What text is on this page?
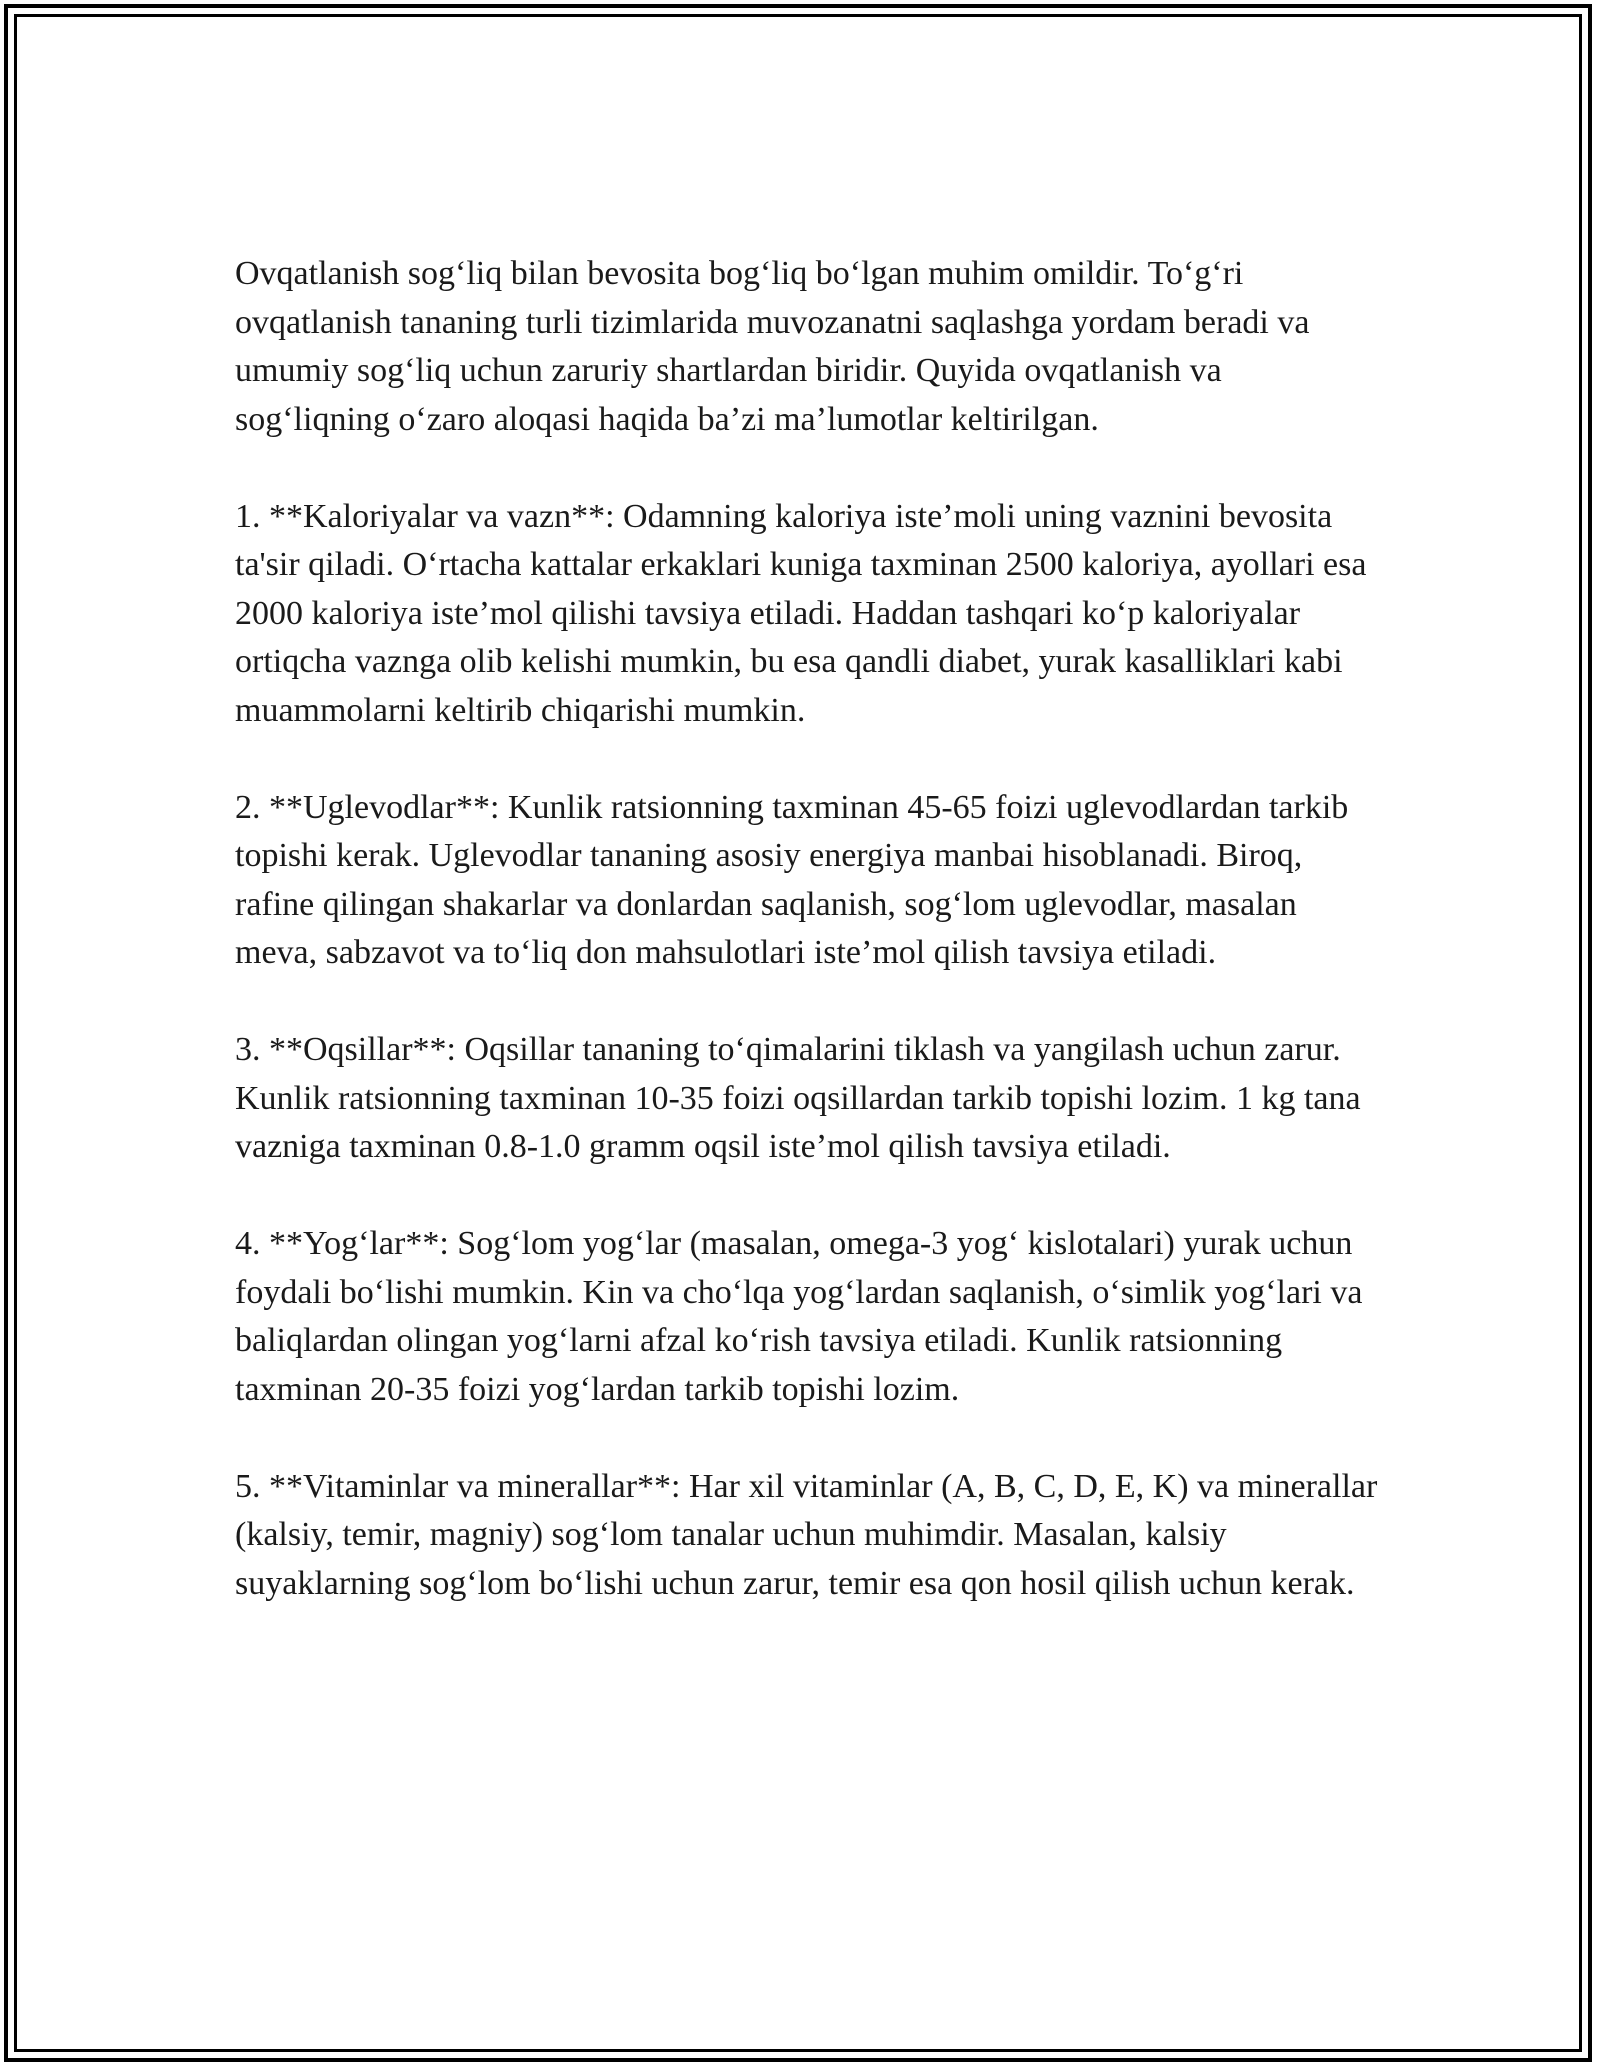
Ovqatlanish sog‘liq bilan bevosita bog‘liq bo‘lgan muhim omildir. To‘g‘ri ovqatlanish tananing turli tizimlarida muvozanatni saqlashga yordam beradi va umumiy sog‘liq uchun zaruriy shartlardan biridir. Quyida ovqatlanish va sog‘liqning o‘zaro aloqasi haqida ba’zi ma’lumotlar keltirilgan.

1. **Kaloriyalar va vazn**: Odamning kaloriya iste’moli uning vaznini bevosita ta'sir qiladi. O‘rtacha kattalar erkaklari kuniga taxminan 2500 kaloriya, ayollari esa 2000 kaloriya iste’mol qilishi tavsiya etiladi. Haddan tashqari ko‘p kaloriyalar ortiqcha vaznga olib kelishi mumkin, bu esa qandli diabet, yurak kasalliklari kabi muammolarni keltirib chiqarishi mumkin.

2. **Uglevodlar**: Kunlik ratsionning taxminan 45-65 foizi uglevodlardan tarkib topishi kerak. Uglevodlar tananing asosiy energiya manbai hisoblanadi. Biroq, rafine qilingan shakarlar va donlardan saqlanish, sog‘lom uglevodlar, masalan meva, sabzavot va to‘liq don mahsulotlari iste’mol qilish tavsiya etiladi.

3. **Oqsillar**: Oqsillar tananing to‘qimalarini tiklash va yangilash uchun zarur. Kunlik ratsionning taxminan 10-35 foizi oqsillardan tarkib topishi lozim. 1 kg tana vazniga taxminan 0.8-1.0 gramm oqsil iste’mol qilish tavsiya etiladi.

4. **Yog‘lar**: Sog‘lom yog‘lar (masalan, omega-3 yog‘ kislotalari) yurak uchun foydali bo‘lishi mumkin. Kin va cho‘lqa yog‘lardan saqlanish, o‘simlik yog‘lari va baliqlardan olingan yog‘larni afzal ko‘rish tavsiya etiladi. Kunlik ratsionning taxminan 20-35 foizi yog‘lardan tarkib topishi lozim.

5. **Vitaminlar va minerallar**: Har xil vitaminlar (A, B, C, D, E, K) va minerallar (kalsiy, temir, magniy) sog‘lom tanalar uchun muhimdir. Masalan, kalsiy suyaklarning sog‘lom bo‘lishi uchun zarur, temir esa qon hosil qilish uchun kerak.
